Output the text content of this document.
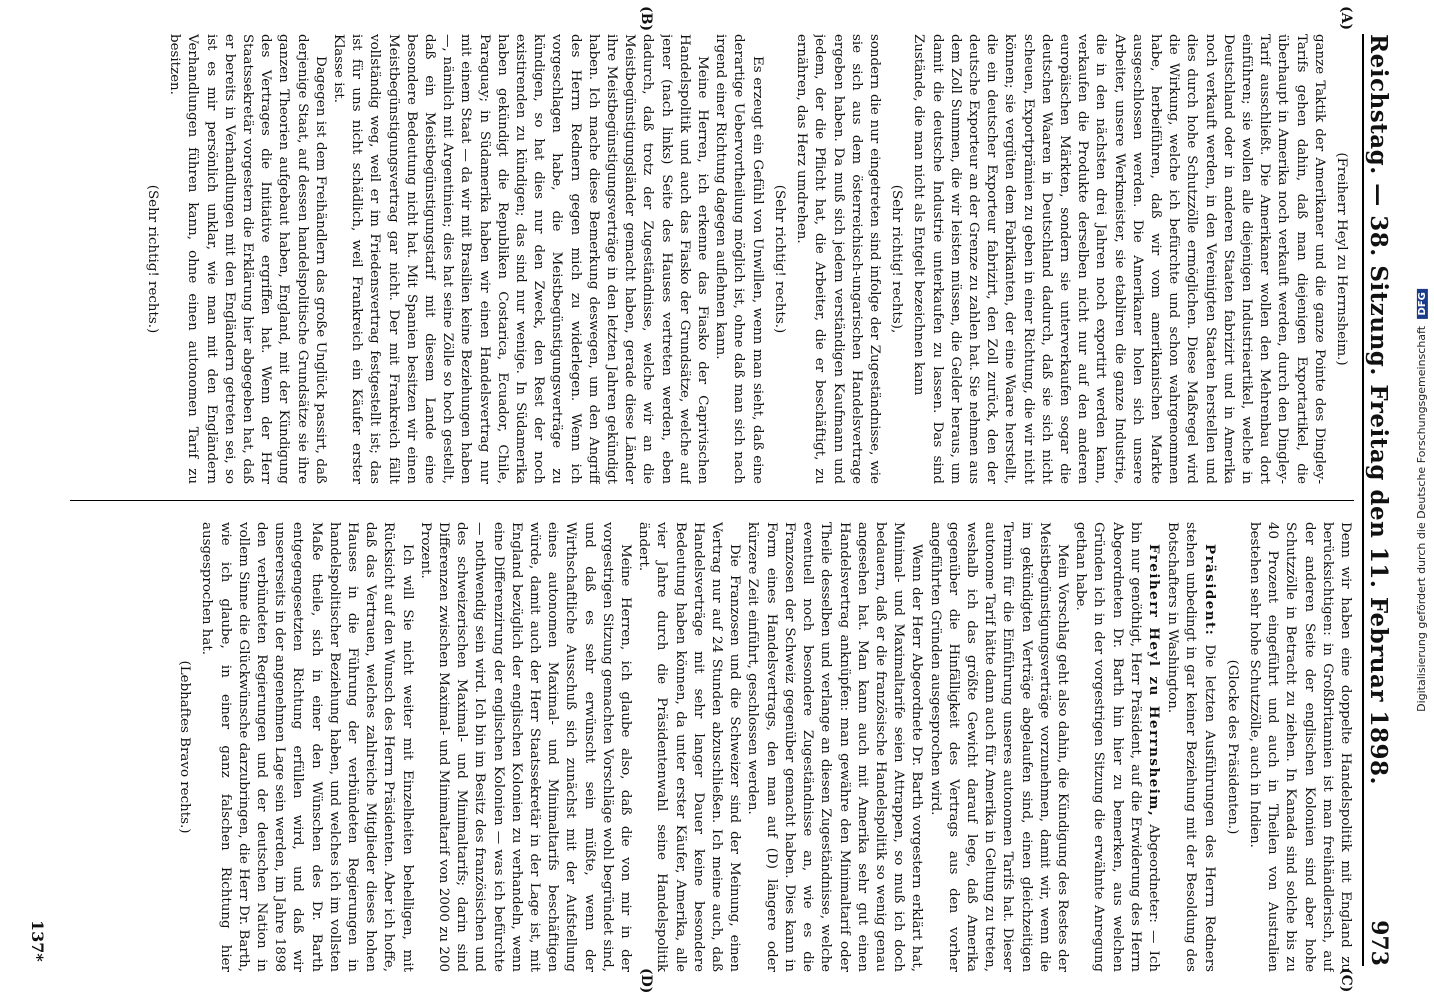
Reichstag. — 38. Sitzung. Freitag den 11. Februar 1898.
973
(A)
(B)
(C)
(D)

(Freiherr Heyl zu Herrnsheim.)

ganze Taktik der Amerikaner und die ganze Pointe des Dingley-Tarifs gehen dahin, daß man diejenigen Exportartikel, die überhaupt in Amerika noch verkauft werden, durch den Dingley-Tarif ausschließt. Die Amerikaner wollen den Mehrenbau dort einführen; sie wollen alle diejenigen Industrieartikel, welche in Deutschland oder in anderen Staaten fabrizirt und in Amerika noch verkauft werden, in den Vereinigten Staaten herstellen und dies durch hohe Schutzzölle ermöglichen. Diese Maßregel wird die Wirkung, welche ich befürchte und schon wahrgenommen habe, herbeiführen, daß wir vom amerikanischen Markte ausgeschlossen werden. Die Amerikaner holen sich unsere Arbeiter, unsere Werkmeister, sie etabliren die ganze Industrie, die in den nächsten drei Jahren noch exportirt werden kann, verkaufen die Produkte derselben nicht nur auf den anderen europäischen Märkten, sondern sie unterverkaufen sogar die deutschen Waaren in Deutschland dadurch, daß sie sich nicht scheuen, Exportprämien zu geben in einer Richtung, die wir nicht können; sie vergüten dem Fabrikanten, der eine Waare herstellt, die ein deutscher Exporteur fabrizirt, den Zoll zurück, den der deutsche Exporteur an der Grenze zu zahlen hat. Sie nehmen aus dem Zoll Summen, die wir leisten müssen, die Gelder heraus, um damit die deutsche Industrie unterkaufen zu lassen. Das sind Zustände, die man nicht als Entgelt bezeichnen kann

(Sehr richtig! rechts),

sondern die nur eingetreten sind infolge der Zugeständnisse, wie sie sich aus dem österreichisch-ungarischen Handelsvertrage ergeben haben. Da muß sich jedem verständigen Kaufmann und jedem, der die Pflicht hat, die Arbeiter, die er beschäftigt, zu ernähren, das Herz umdrehen.

(Sehr richtig! rechts.)

Es erzeugt ein Gefühl von Unwillen, wenn man sieht, daß eine derartige Uebervortheilung möglich ist, ohne daß man sich nach irgend einer Richtung dagegen auflehnen kann.

Meine Herren, ich erkenne das Fiasko der Caprivischen Handelspolitik und auch das Fiasko der Grundsätze, welche auf jener (nach links) Seite des Hauses vertreten werden, eben dadurch, daß trotz der Zugeständnisse, welche wir an die Meistbegünstigungsländer gemacht haben, gerade diese Länder ihre Meistbegünstigungsverträge in den letzten Jahren gekündigt haben. Ich mache diese Bemerkung deswegen, um den Angriff des Herrn Rednern gegen mich zu widerlegen. Wenn ich vorgeschlagen habe, die Meistbegünstigungsverträge zu kündigen, so hat dies nur den Zweck, den Rest der noch existirenden zu kündigen; das sind nur wenige. In Südamerika haben gekündigt die Republiken Costarica, Ecuador, Chile, Paraguay; in Südamerika haben wir einen Handelsvertrag nur mit einem Staat — da wir mit Brasilien keine Beziehungen haben —, nämlich mit Argentinien; dies hat seine Zölle so hoch gestellt, daß ein Meistbegünstigungstarif mit diesem Lande eine besondere Bedeutung nicht hat. Mit Spanien besitzen wir einen Meistbegünstigungsvertrag gar nicht. Der mit Frankreich fällt vollständig weg, weil er im Friedensvertrag festgestellt ist; das ist für uns nicht schädlich, weil Frankreich ein Käufer erster Klasse ist.

Dagegen ist dem Freihändlern das große Unglück passirt, daß derjenige Staat, auf dessen handelspolitische Grundsätze sie ihre ganzen Theorien aufgebaut haben, England, mit der Kündigung des Vertrages die Initiative ergriffen hat. Wenn der Herr Staatssekretär vorgestern die Erklärung hier abgegeben hat, daß er bereits in Verhandlungen mit den Engländern getreten sei, so ist es mir persönlich unklar, wie man mit den Engländern Verhandlungen führen kann, ohne einen autonomen Tarif zu besitzen.

(Sehr richtig! rechts.)

Denn wir haben eine doppelte Handelspolitik mit England zu berücksichtigen: in Großbritannien ist man freihändlerisch, auf der anderen Seite der englischen Kolonien sind aber hohe Schutzzölle in Betracht zu ziehen. In Kanada sind solche bis zu 40 Prozent eingeführt und auch in Theilen von Australien bestehen sehr hohe Schutzzölle, auch in Indien.

(Glocke des Präsidenten.)

Präsident: Die letzten Ausführungen des Herrn Redners stehen unbedingt in gar keiner Beziehung mit der Besoldung des Botschafters in Washington.

Freiherr Heyl zu Herrnsheim, Abgeordneter: — Ich bin nur genöthigt, Herr Präsident, auf die Erwiderung des Herrn Abgeordneten Dr. Barth hin hier zu bemerken, aus welchen Gründen ich in der vorgestrigen Sitzung die erwähnte Anregung gethan habe.

Mein Vorschlag geht also dahin, die Kündigung des Restes der Meistbegünstigungsverträge vorzunehmen, damit wir, wenn die im gekündigten Verträge abgelaufen sind, einen gleichzeitigen Termin für die Einführung unseres autonomen Tarifs hat. Dieser autonome Tarif hätte dann auch für Amerika in Geltung zu treten, weshalb ich das größte Gewicht darauf lege, daß Amerika gegenüber die Hinfälligkeit des Vertrags aus den vorher angeführten Gründen ausgesprochen wird.

Wenn der Herr Abgeordnete Dr. Barth vorgestern erklärt hat, Minimal- und Maximaltarife seien Attrappen, so muß ich doch bedauern, daß er die französische Handelspolitik so wenig genau angesehen hat. Man kann auch mit Amerika sehr gut einen Handelsvertrag anknüpfen: man gewähre den Minimaltarif oder Theile desselben und verlange an diesen Zugeständnisse, welche eventuell noch besondere Zugeständnisse an, wie es die Franzosen der Schweiz gegenüber gemacht haben. Dies kann in Form eines Handelsvertrags, den man auf (D) längere oder kürzere Zeit einführt, geschlossen werden.

Die Franzosen und die Schweizer sind der Meinung, einen Vertrag nur auf 24 Stunden abzuschließen. Ich meine auch, daß Handelsverträge mit sehr langer Dauer keine besondere Bedeutung haben können, da unter erster Käufer, Amerika, alle vier Jahre durch die Präsidentenwahl seine Handelspolitik ändert.

Meine Herren, ich glaube also, daß die von mir in der vorgestrigen Sitzung gemachten Vorschläge wohl begründet sind, und daß es sehr erwünscht sein müßte, wenn der Wirthschaftliche Ausschuß sich zunächst mit der Aufstellung eines autonomen Maximal- und Minimaltarifs beschäftigen würde, damit auch der Herr Staatssekretär in der Lage ist, mit England bezüglich der englischen Kolonien zu verhandeln, wenn eine Differenzirung der englischen Kolonien — was ich befürchte — nothwendig sein wird. Ich bin im Besitz des französischen und des schweizerischen Maximal- und Minimaltarifs; darin sind Differenzen zwischen Maximal- und Minimaltarif von 2000 zu 200 Prozent.

Ich will Sie nicht weiter mit Einzelheiten behelligen, mit Rücksicht auf den Wunsch des Herrn Präsidenten. Aber ich hoffe, daß das Vertrauen, welches zahlreiche Mitglieder dieses hohen Hauses in die Führung der verbündeten Regierungen in handelspolitischer Beziehung haben, und welches ich im vollsten Maße theile, sich in einer den Wünschen des Dr. Barth entgegengesetzten Richtung erfüllen wird, und daß wir unsererseits in der angenehmen Lage sein werden, im Jahre 1898 den verbündeten Regierungen und der deutschen Nation in vollem Sinne die Glückwünsche darzubringen, die Herr Dr. Barth, wie ich glaube, in einer ganz falschen Richtung hier ausgesprochen hat.

(Lebhaftes Bravo rechts.)

137*
Digitalisierung gefördert durch die Deutsche Forschungsgemeinschaft DFG
